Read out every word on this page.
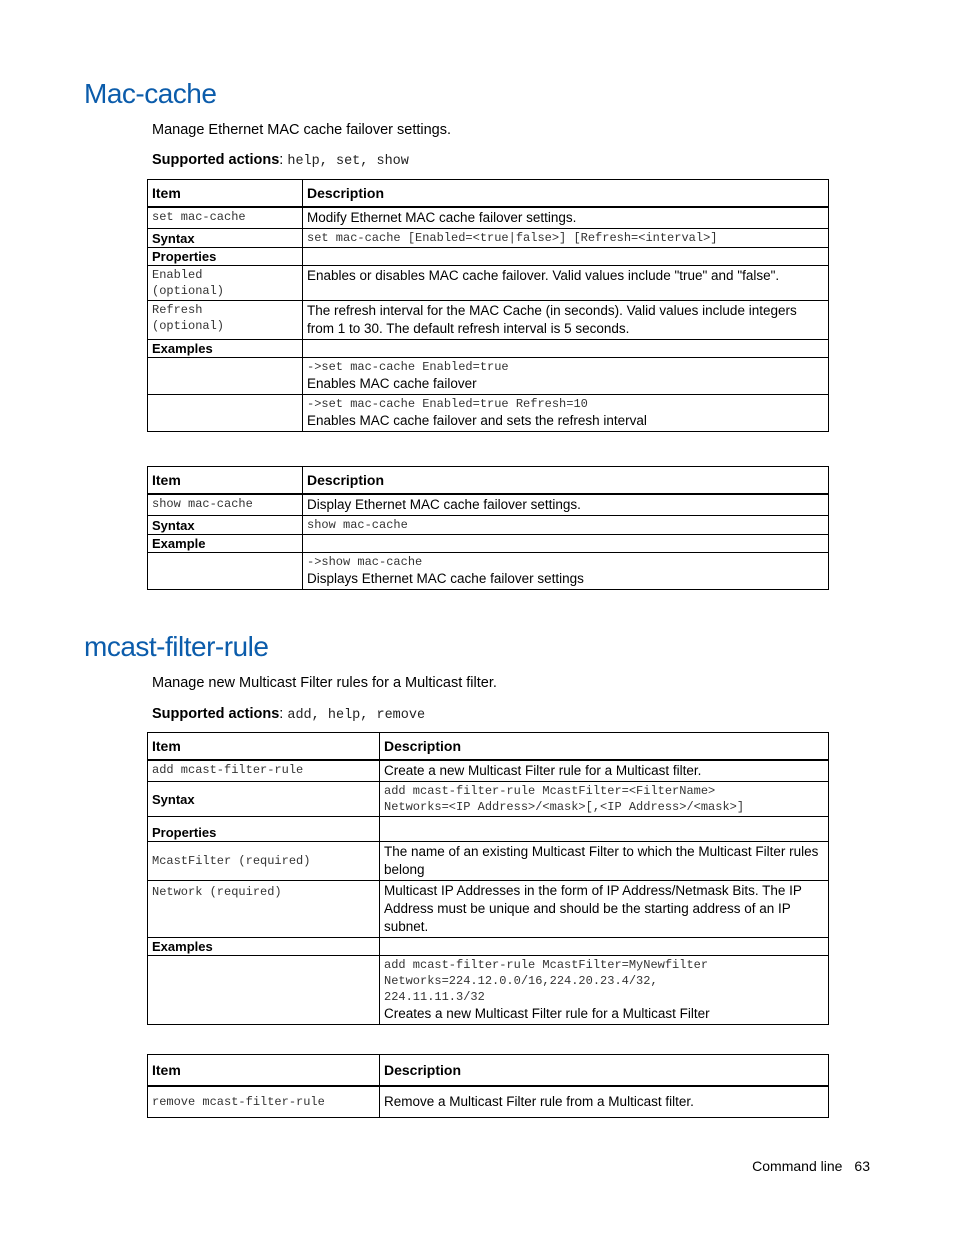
Mac-cache

Manage Ethernet MAC cache failover settings.

Supported actions: help, set, show

Item	Description
set mac-cache	Modify Ethernet MAC cache failover settings.
Syntax	set mac-cache [Enabled=<true|false>] [Refresh=<interval>]
Properties	
Enabled
(optional)	Enables or disables MAC cache failover. Valid values include "true" and "false".
Refresh
(optional)	The refresh interval for the MAC Cache (in seconds). Valid values include integers from 1 to 30. The default refresh interval is 5 seconds.
Examples	

	->set mac-cache Enabled=true
Enables MAC cache failover

	->set mac-cache Enabled=true Refresh=10
Enables MAC cache failover and sets the refresh interval
Item	Description
show mac-cache	Display Ethernet MAC cache failover settings.
Syntax	show mac-cache
Example	

	->show mac-cache
Displays Ethernet MAC cache failover settings
mcast-filter-rule

Manage new Multicast Filter rules for a Multicast filter.

Supported actions: add, help, remove

Item	Description
add mcast-filter-rule	Create a new Multicast Filter rule for a Multicast filter.
Syntax	add mcast-filter-rule McastFilter=<FilterName>
Networks=<IP Address>/<mask>[,<IP Address>/<mask>]
Properties	
McastFilter (required)	The name of an existing Multicast Filter to which the Multicast Filter rules belong
Network (required)	Multicast IP Addresses in the form of IP Address/Netmask Bits. The IP Address must be unique and should be the starting address of an IP subnet.
Examples	

	add mcast-filter-rule McastFilter=MyNewfilter
Networks=224.12.0.0/16,224.20.23.4/32,
224.11.11.3/32
Creates a new Multicast Filter rule for a Multicast Filter
Item	Description
remove mcast-filter-rule	Remove a Multicast Filter rule from a Multicast filter.
Command line 63
